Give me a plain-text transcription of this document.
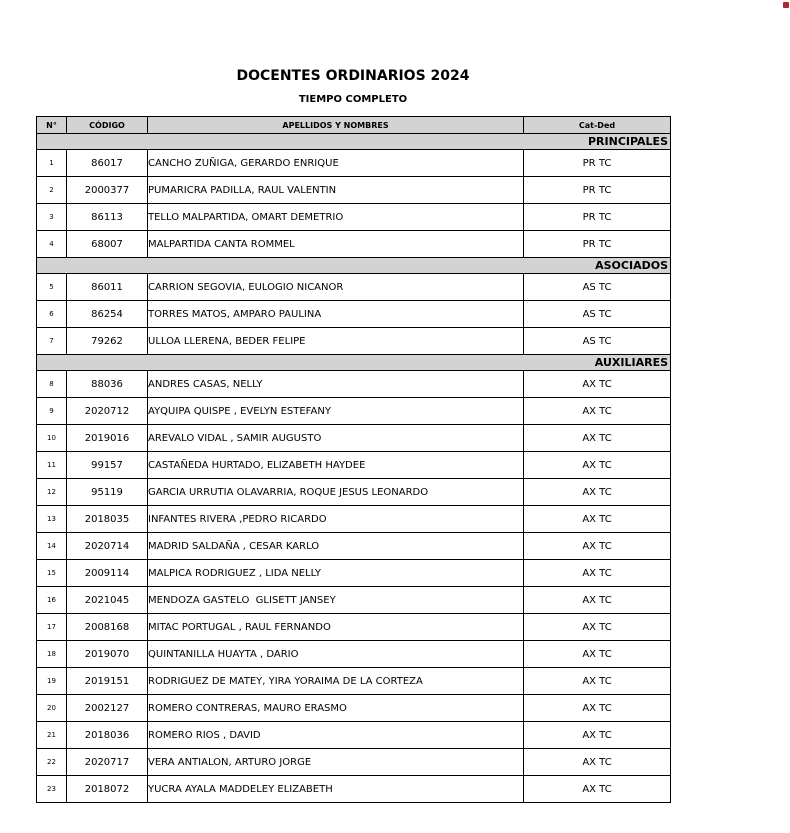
DOCENTES ORDINARIOS 2024
TIEMPO COMPLETO
N°	CÓDIGO	APELLIDOS Y NOMBRES	Cat-Ded
PRINCIPALES			
1	86017	CANCHO ZUÑIGA, GERARDO ENRIQUE	PR TC
2	2000377	PUMARICRA PADILLA, RAUL VALENTIN	PR TC
3	86113	TELLO MALPARTIDA, OMART DEMETRIO	PR TC
4	68007	MALPARTIDA CANTA ROMMEL	PR TC
ASOCIADOS			
5	86011	CARRION SEGOVIA, EULOGIO NICANOR	AS TC
6	86254	TORRES MATOS, AMPARO PAULINA	AS TC
7	79262	ULLOA LLERENA, BEDER FELIPE	AS TC
AUXILIARES			
8	88036	ANDRES CASAS, NELLY	AX TC
9	2020712	AYQUIPA QUISPE , EVELYN ESTEFANY	AX TC
10	2019016	AREVALO VIDAL , SAMIR AUGUSTO	AX TC
11	99157	CASTAÑEDA HURTADO, ELIZABETH HAYDEE	AX TC
12	95119	GARCIA URRUTIA OLAVARRIA, ROQUE JESUS LEONARDO	AX TC
13	2018035	INFANTES RIVERA ,PEDRO RICARDO	AX TC
14	2020714	MADRID SALDAÑA , CESAR KARLO	AX TC
15	2009114	MALPICA RODRIGUEZ , LIDA NELLY	AX TC
16	2021045	MENDOZA GASTELO  GLISETT JANSEY	AX TC
17	2008168	MITAC PORTUGAL , RAUL FERNANDO	AX TC
18	2019070	QUINTANILLA HUAYTA , DARIO	AX TC
19	2019151	RODRIGUEZ DE MATEY, YIRA YORAIMA DE LA CORTEZA	AX TC
20	2002127	ROMERO CONTRERAS, MAURO ERASMO	AX TC
21	2018036	ROMERO RIOS , DAVID	AX TC
22	2020717	VERA ANTIALON, ARTURO JORGE	AX TC
23	2018072	YUCRA AYALA MADDELEY ELIZABETH	AX TC
